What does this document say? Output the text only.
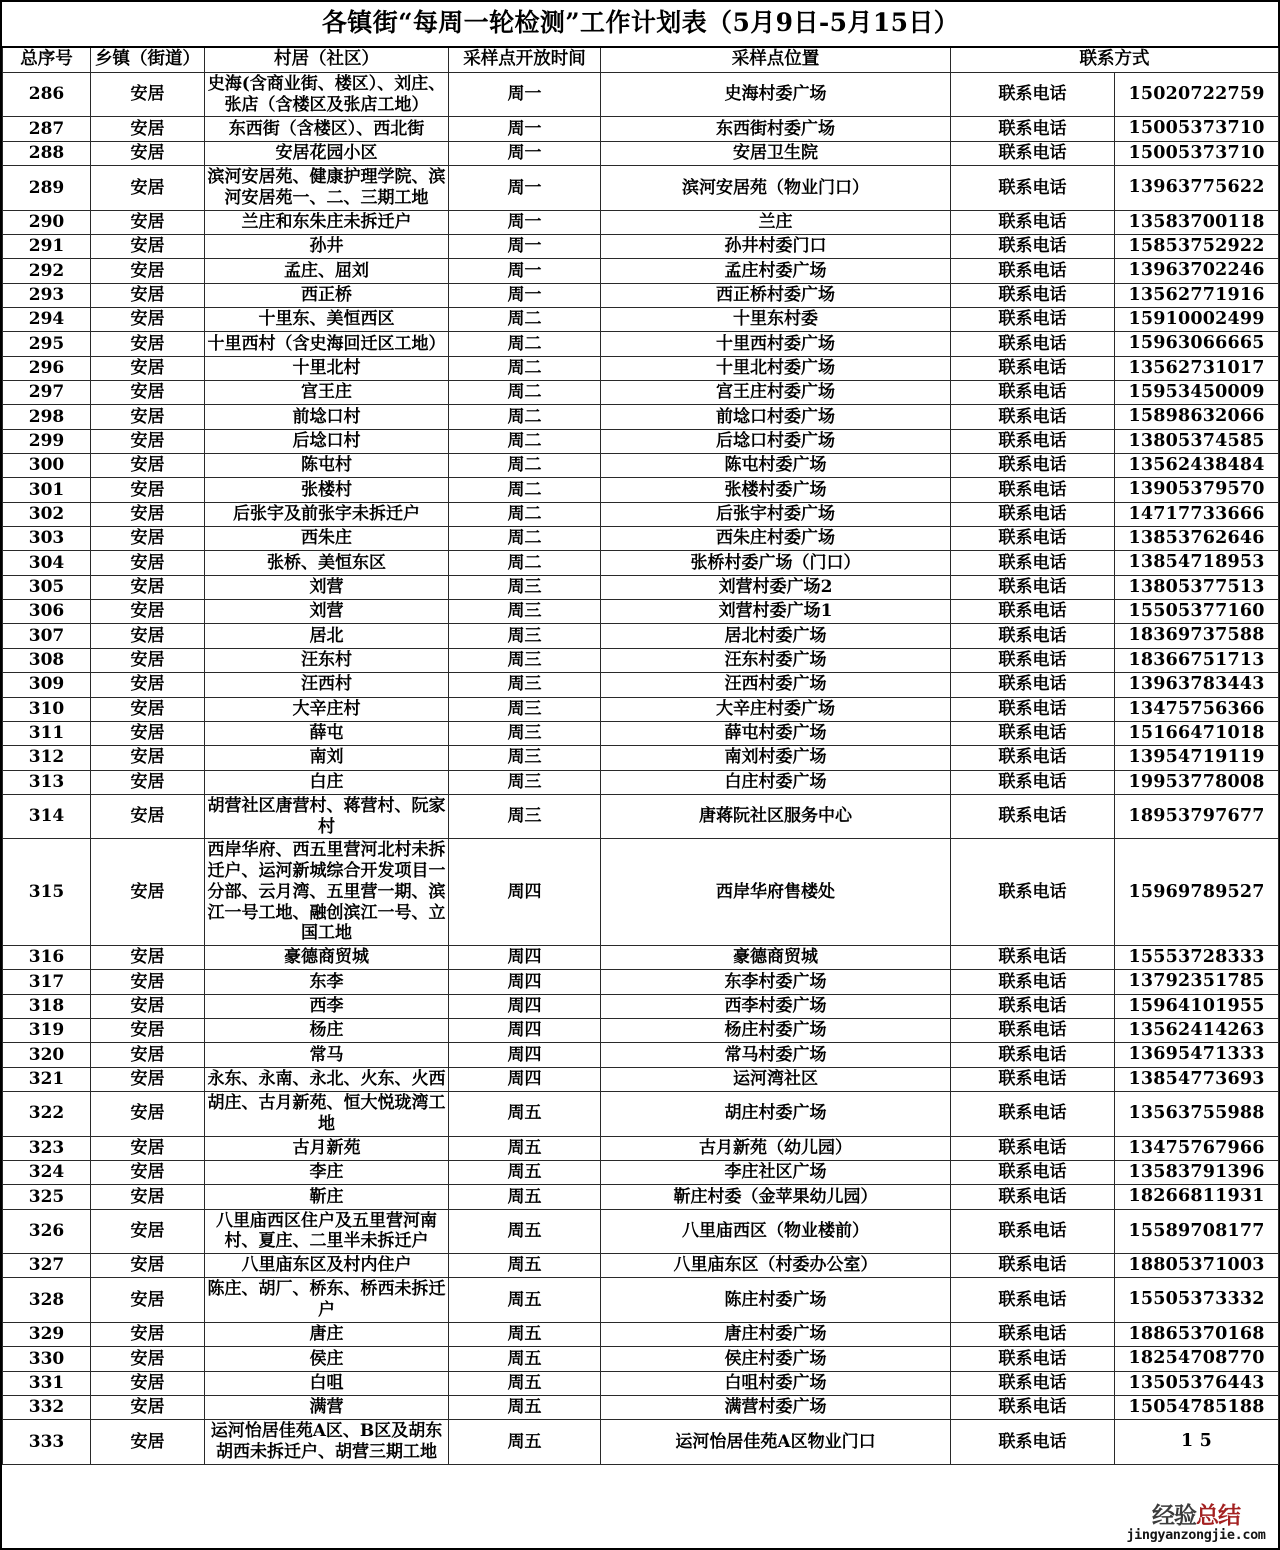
各镇街“每周一轮检测”工作计划表（5月9日-5月15日）						
总序号	乡镇（街道）	村居（社区）	采样点开放时间	采样点位置	联系方式	
286	安居	史海(含商业街、楼区）、刘庄、张店（含楼区及张店工地）	周一	史海村委广场	联系电话	15020722759
287	安居	东西街（含楼区）、西北街	周一	东西街村委广场	联系电话	15005373710
288	安居	安居花园小区	周一	安居卫生院	联系电话	15005373710
289	安居	滨河安居苑、健康护理学院、滨河安居苑一、二、三期工地	周一	滨河安居苑（物业门口）	联系电话	13963775622
290	安居	兰庄和东朱庄未拆迁户	周一	兰庄	联系电话	13583700118
291	安居	孙井	周一	孙井村委门口	联系电话	15853752922
292	安居	孟庄、屈刘	周一	孟庄村委广场	联系电话	13963702246
293	安居	西正桥	周一	西正桥村委广场	联系电话	13562771916
294	安居	十里东、美恒西区	周二	十里东村委	联系电话	15910002499
295	安居	十里西村（含史海回迁区工地）	周二	十里西村委广场	联系电话	15963066665
296	安居	十里北村	周二	十里北村委广场	联系电话	13562731017
297	安居	宫王庄	周二	宫王庄村委广场	联系电话	15953450009
298	安居	前埝口村	周二	前埝口村委广场	联系电话	15898632066
299	安居	后埝口村	周二	后埝口村委广场	联系电话	13805374585
300	安居	陈屯村	周二	陈屯村委广场	联系电话	13562438484
301	安居	张楼村	周二	张楼村委广场	联系电话	13905379570
302	安居	后张宇及前张宇未拆迁户	周二	后张宇村委广场	联系电话	14717733666
303	安居	西朱庄	周二	西朱庄村委广场	联系电话	13853762646
304	安居	张桥、美恒东区	周二	张桥村委广场（门口）	联系电话	13854718953
305	安居	刘营	周三	刘营村委广场2	联系电话	13805377513
306	安居	刘营	周三	刘营村委广场1	联系电话	15505377160
307	安居	居北	周三	居北村委广场	联系电话	18369737588
308	安居	汪东村	周三	汪东村委广场	联系电话	18366751713
309	安居	汪西村	周三	汪西村委广场	联系电话	13963783443
310	安居	大辛庄村	周三	大辛庄村委广场	联系电话	13475756366
311	安居	薛屯	周三	薛屯村委广场	联系电话	15166471018
312	安居	南刘	周三	南刘村委广场	联系电话	13954719119
313	安居	白庄	周三	白庄村委广场	联系电话	19953778008
314	安居	胡营社区唐营村、蒋营村、阮家村	周三	唐蒋阮社区服务中心	联系电话	18953797677
315	安居	西岸华府、西五里营河北村未拆迁户、运河新城综合开发项目一分部、云月湾、五里营一期、滨江一号工地、融创滨江一号、立国工地	周四	西岸华府售楼处	联系电话	15969789527
316	安居	豪德商贸城	周四	豪德商贸城	联系电话	15553728333
317	安居	东李	周四	东李村委广场	联系电话	13792351785
318	安居	西李	周四	西李村委广场	联系电话	15964101955
319	安居	杨庄	周四	杨庄村委广场	联系电话	13562414263
320	安居	常马	周四	常马村委广场	联系电话	13695471333
321	安居	永东、永南、永北、火东、火西	周四	运河湾社区	联系电话	13854773693
322	安居	胡庄、古月新苑、恒大悦珑湾工地	周五	胡庄村委广场	联系电话	13563755988
323	安居	古月新苑	周五	古月新苑（幼儿园）	联系电话	13475767966
324	安居	李庄	周五	李庄社区广场	联系电话	13583791396
325	安居	靳庄	周五	靳庄村委（金苹果幼儿园）	联系电话	18266811931
326	安居	八里庙西区住户及五里营河南村、夏庄、二里半未拆迁户	周五	八里庙西区（物业楼前）	联系电话	15589708177
327	安居	八里庙东区及村内住户	周五	八里庙东区（村委办公室）	联系电话	18805371003
328	安居	陈庄、胡厂、桥东、桥西未拆迁户	周五	陈庄村委广场	联系电话	15505373332
329	安居	唐庄	周五	唐庄村委广场	联系电话	18865370168
330	安居	侯庄	周五	侯庄村委广场	联系电话	18254708770
331	安居	白咀	周五	白咀村委广场	联系电话	13505376443
332	安居	满营	周五	满营村委广场	联系电话	15054785188
333	安居	运河怡居佳苑A区、B区及胡东胡西未拆迁户、胡营三期工地	周五	运河怡居佳苑A区物业门口	联系电话	1 5
经验总结
jingyanzongjie.com
